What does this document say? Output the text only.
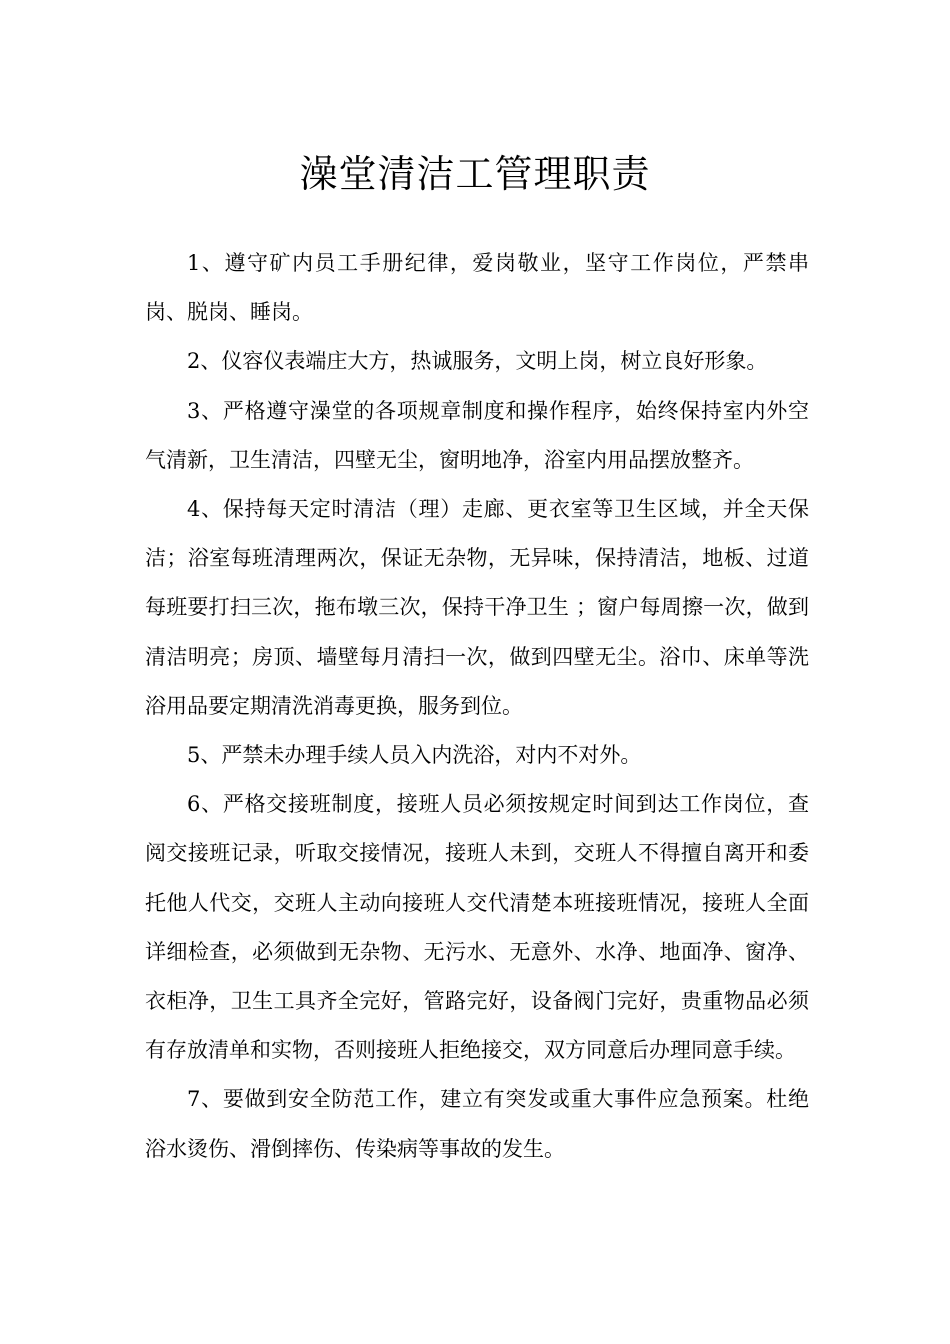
澡堂清洁工管理职责

1、遵守矿内员工手册纪律，爱岗敬业，坚守工作岗位，严禁串岗、脱岗、睡岗。

2、仪容仪表端庄大方，热诚服务，文明上岗，树立良好形象。

3、严格遵守澡堂的各项规章制度和操作程序，始终保持室内外空气清新，卫生清洁，四壁无尘，窗明地净，浴室内用品摆放整齐。

4、保持每天定时清洁（理）走廊、更衣室等卫生区域，并全天保洁；浴室每班清理两次，保证无杂物，无异味，保持清洁，地板、过道每班要打扫三次，拖布墩三次，保持干净卫生 ；窗户每周擦一次，做到清洁明亮；房顶、墙壁每月清扫一次，做到四壁无尘。浴巾、床单等洗浴用品要定期清洗消毒更换，服务到位。

5、严禁未办理手续人员入内洗浴，对内不对外。

6、严格交接班制度，接班人员必须按规定时间到达工作岗位，查阅交接班记录，听取交接情况，接班人未到，交班人不得擅自离开和委托他人代交，交班人主动向接班人交代清楚本班接班情况，接班人全面详细检查，必须做到无杂物、无污水、无意外、水净、地面净、窗净、衣柜净，卫生工具齐全完好，管路完好，设备阀门完好，贵重物品必须有存放清单和实物，否则接班人拒绝接交，双方同意后办理同意手续。

7、要做到安全防范工作，建立有突发或重大事件应急预案。杜绝浴水烫伤、滑倒摔伤、传染病等事故的发生。
